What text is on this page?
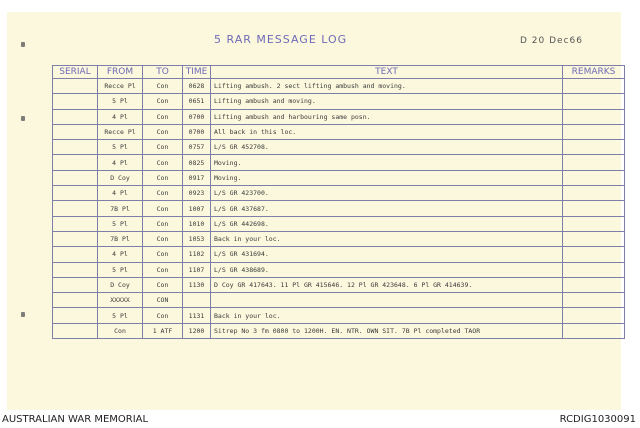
5 RAR MESSAGE LOG	D 20 Dec66
SERIAL	FROM	TO	TIME	TEXT	REMARKS
	Recce Pl	Con	0628	Lifting ambush. 2 sect lifting ambush and moving.	
	5 Pl	Con	0651	Lifting ambush and moving.	
	4 Pl	Con	0700	Lifting ambush and harbouring same posn.	
	Recce Pl	Con	0700	All back in this loc.	
	5 Pl	Con	0757	L/S GR 452708.	
	4 Pl	Con	0825	Moving.	
	D Coy	Con	0917	Moving.	
	4 Pl	Con	0923	L/S GR 423700.	
	7B Pl	Con	1007	L/S GR 437687.	
	5 Pl	Con	1010	L/S GR 442698.	
	7B Pl	Con	1053	Back in your loc.	
	4 Pl	Con	1102	L/S GR 431694.	
	5 Pl	Con	1107	L/S GR 438689.	
	D Coy	Con	1130	D Coy GR 417643. 11 Pl GR 415646. 12 Pl GR 423648. 6 Pl GR 414639.	
	XXXXX	CON			
	5 Pl	Con	1131	Back in your loc.	
	Con	1 ATF	1200	Sitrep No 3 fm 0800 to 1200H. EN. NTR. OWN SIT. 7B Pl completed TAOR	
AUSTRALIAN WAR MEMORIAL	RCDIG1030091
